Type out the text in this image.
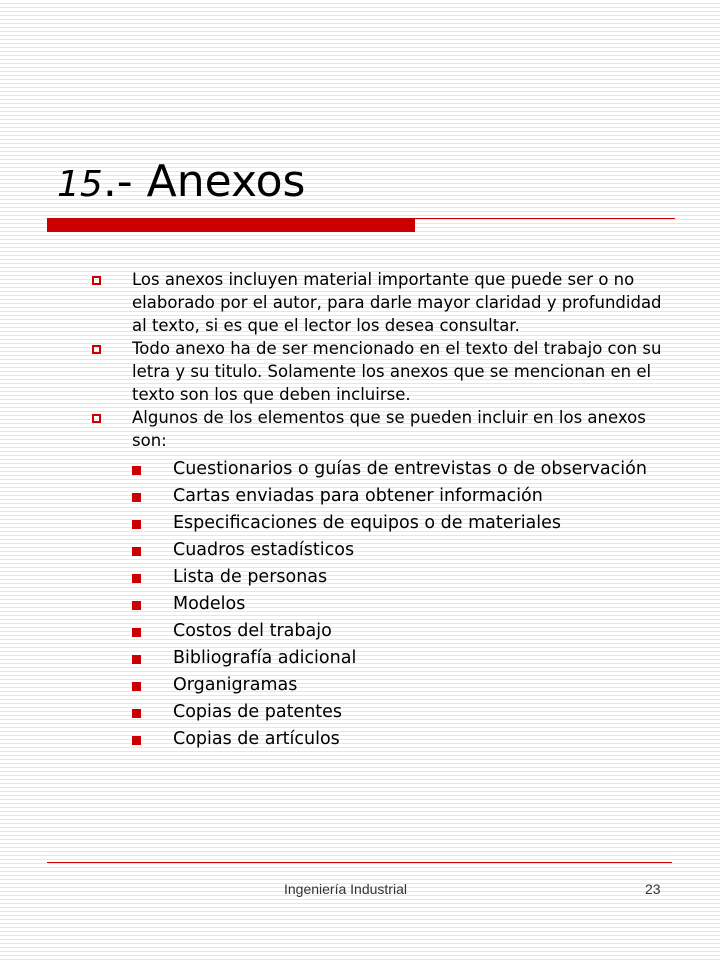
15.- Anexos
Los anexos incluyen material importante que puede ser o no elaborado por el autor, para darle mayor claridad y profundidad al texto, si es que el lector los desea consultar.
Todo anexo ha de ser mencionado en el texto del trabajo con su letra y su titulo. Solamente los anexos que se mencionan en el texto son los que deben incluirse.
Algunos de los elementos que se pueden incluir en los anexos son:
Cuestionarios o guías de entrevistas o de observación
Cartas enviadas para obtener información
Especificaciones de equipos o de materiales
Cuadros estadísticos
Lista de personas
Modelos
Costos del trabajo
Bibliografía adicional
Organigramas
Copias de patentes
Copias de artículos
Ingeniería Industrial	23
